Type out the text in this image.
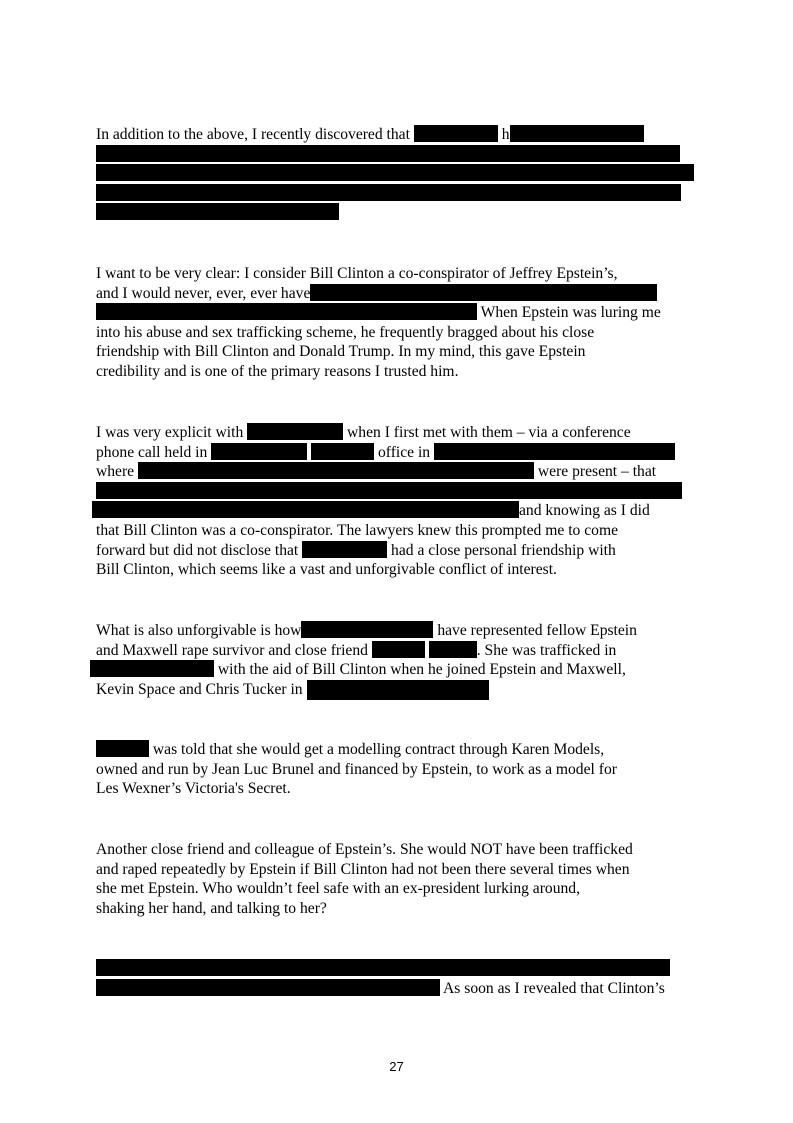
In addition to the above, I recently discovered that	h
I want to be very clear: I consider Bill Clinton a co-conspirator of Jeffrey Epstein’s,
and I would never, ever, ever have
When Epstein was luring me
into his abuse and sex trafficking scheme, he frequently bragged about his close
friendship with Bill Clinton and Donald Trump. In my mind, this gave Epstein
credibility and is one of the primary reasons I trusted him.
I was very explicit with	when I first met with them – via a conference
phone call held in	office in
where	were present – that
and knowing as I did
that Bill Clinton was a co-conspirator. The lawyers knew this prompted me to come
forward but did not disclose that	had a close personal friendship with
Bill Clinton, which seems like a vast and unforgivable conflict of interest.
What is also unforgivable is how	have represented fellow Epstein
and Maxwell rape survivor and close friend	. She was trafficked in
with the aid of Bill Clinton when he joined Epstein and Maxwell,
Kevin Space and Chris Tucker in
was told that she would get a modelling contract through Karen Models,
owned and run by Jean Luc Brunel and financed by Epstein, to work as a model for
Les Wexner’s Victoria's Secret.
Another close friend and colleague of Epstein’s. She would NOT have been trafficked
and raped repeatedly by Epstein if Bill Clinton had not been there several times when
she met Epstein. Who wouldn’t feel safe with an ex-president lurking around,
shaking her hand, and talking to her?
As soon as I revealed that Clinton’s
27
